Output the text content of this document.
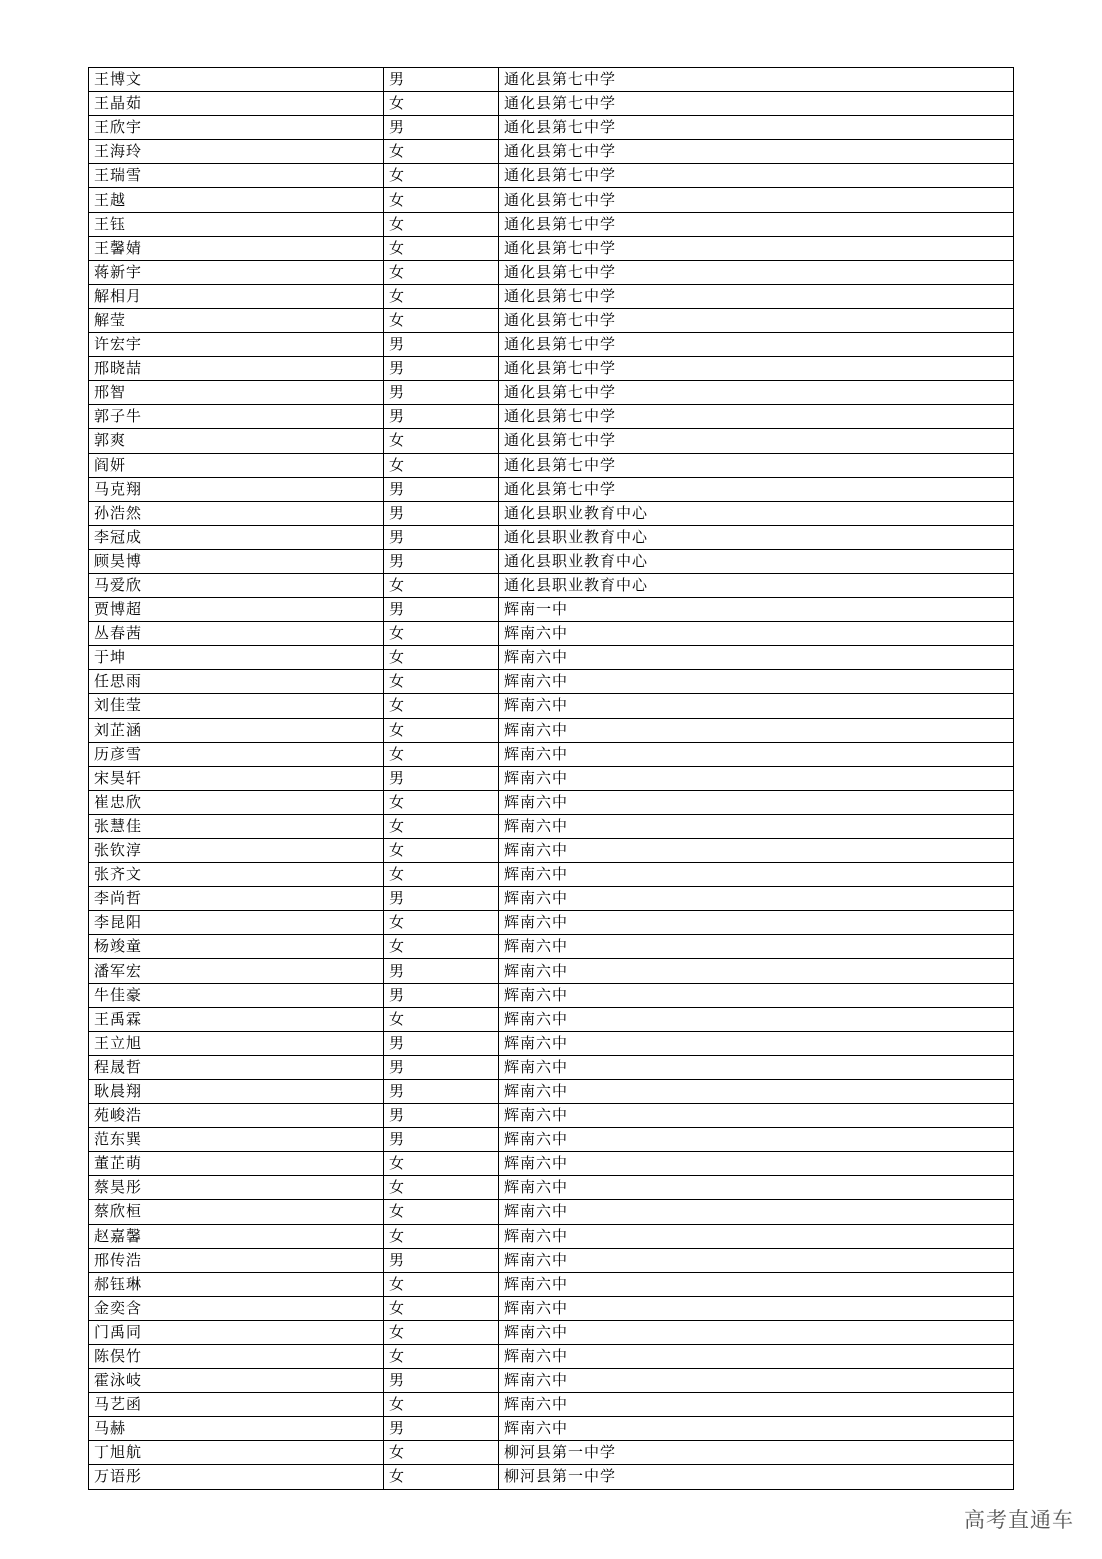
王博文	男	通化县第七中学
王晶茹	女	通化县第七中学
王欣宇	男	通化县第七中学
王海玲	女	通化县第七中学
王瑞雪	女	通化县第七中学
王越	女	通化县第七中学
王钰	女	通化县第七中学
王馨婧	女	通化县第七中学
蒋新宇	女	通化县第七中学
解相月	女	通化县第七中学
解莹	女	通化县第七中学
许宏宇	男	通化县第七中学
邢晓喆	男	通化县第七中学
邢智	男	通化县第七中学
郭子牛	男	通化县第七中学
郭爽	女	通化县第七中学
阎妍	女	通化县第七中学
马克翔	男	通化县第七中学
孙浩然	男	通化县职业教育中心
李冠成	男	通化县职业教育中心
顾昊博	男	通化县职业教育中心
马爱欣	女	通化县职业教育中心
贾博超	男	辉南一中
丛春茜	女	辉南六中
于坤	女	辉南六中
任思雨	女	辉南六中
刘佳莹	女	辉南六中
刘芷涵	女	辉南六中
历彦雪	女	辉南六中
宋昊轩	男	辉南六中
崔忠欣	女	辉南六中
张慧佳	女	辉南六中
张钦淳	女	辉南六中
张齐文	女	辉南六中
李尚哲	男	辉南六中
李昆阳	女	辉南六中
杨竣童	女	辉南六中
潘军宏	男	辉南六中
牛佳豪	男	辉南六中
王禹霖	女	辉南六中
王立旭	男	辉南六中
程晟哲	男	辉南六中
耿晨翔	男	辉南六中
苑峻浩	男	辉南六中
范东巽	男	辉南六中
董芷萌	女	辉南六中
蔡昊彤	女	辉南六中
蔡欣桓	女	辉南六中
赵嘉馨	女	辉南六中
邢传浩	男	辉南六中
郝钰琳	女	辉南六中
金奕含	女	辉南六中
门禹同	女	辉南六中
陈俣竹	女	辉南六中
霍泳岐	男	辉南六中
马艺函	女	辉南六中
马赫	男	辉南六中
丁旭航	女	柳河县第一中学
万语彤	女	柳河县第一中学
高考直通车
